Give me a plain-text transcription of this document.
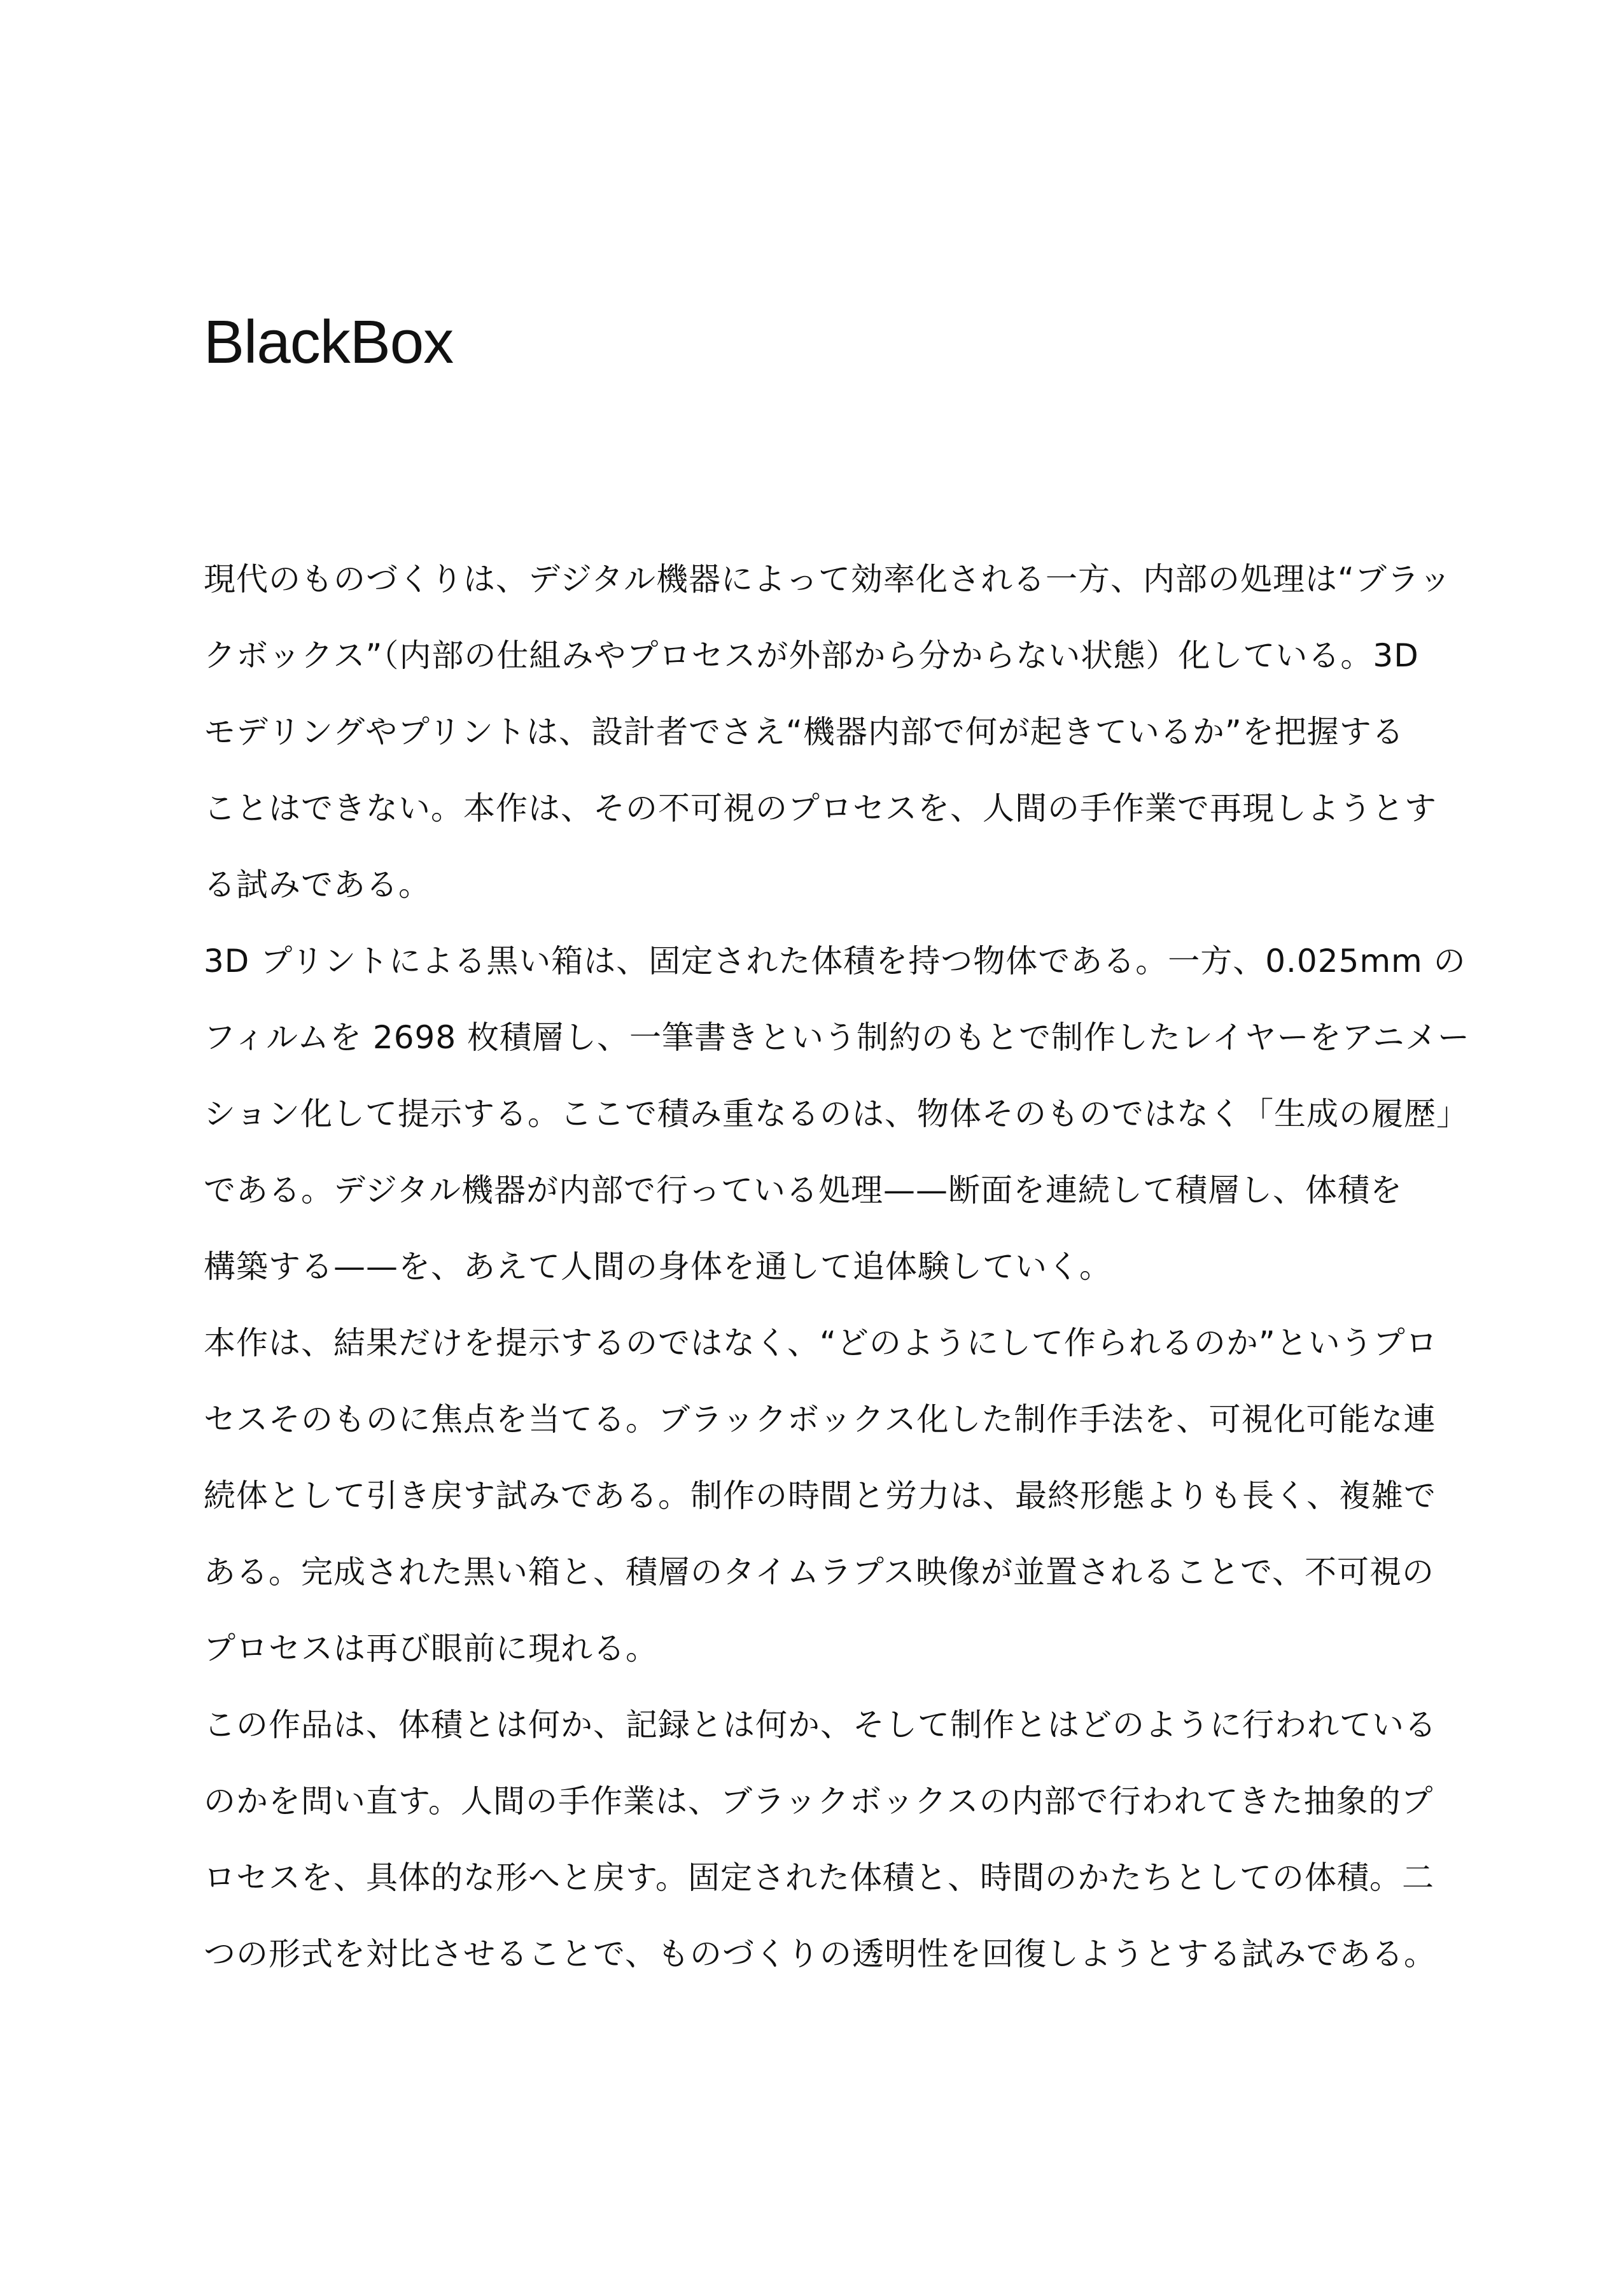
BlackBox
現代のものづくりは、デジタル機器によって効率化される一方、内部の処理は“ブラッ
クボックス”（内部の仕組みやプロセスが外部から分からない状態）化している。3D
モデリングやプリントは、設計者でさえ“機器内部で何が起きているか”を把握する
ことはできない。本作は、その不可視のプロセスを、人間の手作業で再現しようとす
る試みである。
3D プリントによる黒い箱は、固定された体積を持つ物体である。一方、0.025mm の
フィルムを 2698 枚積層し、一筆書きという制約のもとで制作したレイヤーをアニメー
ション化して提示する。ここで積み重なるのは、物体そのものではなく「生成の履歴」
である。デジタル機器が内部で行っている処理——断面を連続して積層し、体積を
構築する——を、あえて人間の身体を通して追体験していく。
本作は、結果だけを提示するのではなく、“どのようにして作られるのか”というプロ
セスそのものに焦点を当てる。ブラックボックス化した制作手法を、可視化可能な連
続体として引き戻す試みである。制作の時間と労力は、最終形態よりも長く、複雑で
ある。完成された黒い箱と、積層のタイムラプス映像が並置されることで、不可視の
プロセスは再び眼前に現れる。
この作品は、体積とは何か、記録とは何か、そして制作とはどのように行われている
のかを問い直す。人間の手作業は、ブラックボックスの内部で行われてきた抽象的プ
ロセスを、具体的な形へと戻す。固定された体積と、時間のかたちとしての体積。二
つの形式を対比させることで、ものづくりの透明性を回復しようとする試みである。
